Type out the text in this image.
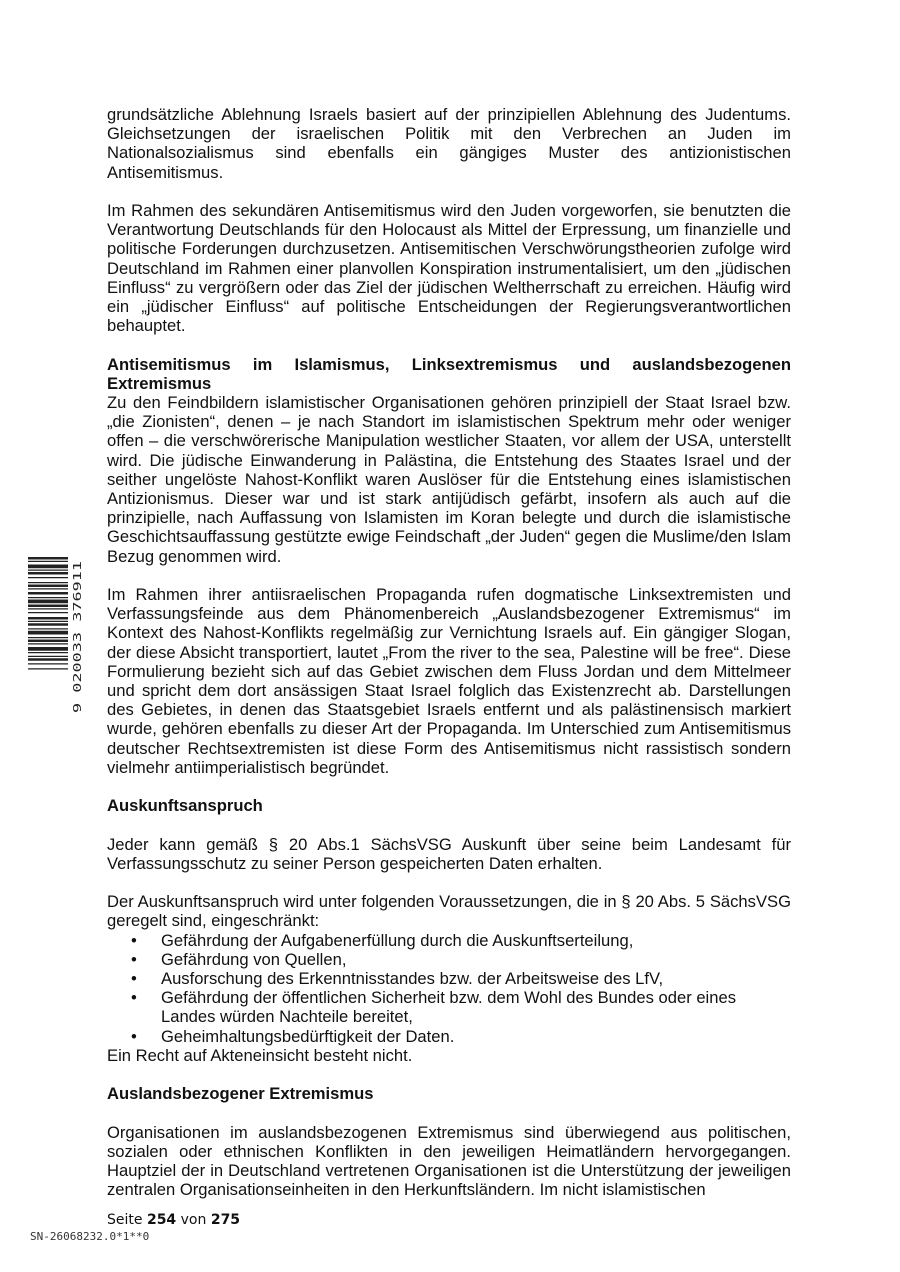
grundsätzliche Ablehnung Israels basiert auf der prinzipiellen Ablehnung des Judentums. Gleichsetzungen der israelischen Politik mit den Verbrechen an Juden im Nationalsozialismus sind ebenfalls ein gängiges Muster des antizionistischen Antisemitismus.

Im Rahmen des sekundären Antisemitismus wird den Juden vorgeworfen, sie benutzten die Verantwortung Deutschlands für den Holocaust als Mittel der Erpressung, um finanzielle und politische Forderungen durchzusetzen. Antisemitischen Verschwörungstheorien zufolge wird Deutschland im Rahmen einer planvollen Konspiration instrumentalisiert, um den „jüdischen Einfluss“ zu vergrößern oder das Ziel der jüdischen Weltherrschaft zu erreichen. Häufig wird ein „jüdischer Einfluss“ auf politische Entscheidungen der Regierungsverantwortlichen behauptet.

Antisemitismus im Islamismus, Linksextremismus und auslandsbezogenen Extremismus

Zu den Feindbildern islamistischer Organisationen gehören prinzipiell der Staat Israel bzw. „die Zionisten“, denen – je nach Standort im islamistischen Spektrum mehr oder weniger offen – die verschwörerische Manipulation westlicher Staaten, vor allem der USA, unterstellt wird. Die jüdische Einwanderung in Palästina, die Entstehung des Staates Israel und der seither ungelöste Nahost-Konflikt waren Auslöser für die Entstehung eines islamistischen Antizionismus. Dieser war und ist stark antijüdisch gefärbt, insofern als auch auf die prinzipielle, nach Auffassung von Islamisten im Koran belegte und durch die islamistische Geschichtsauffassung gestützte ewige Feindschaft „der Juden“ gegen die Muslime/den Islam Bezug genommen wird.

Im Rahmen ihrer antiisraelischen Propaganda rufen dogmatische Linksextremisten und Verfassungsfeinde aus dem Phänomenbereich „Auslandsbezogener Extremismus“ im Kontext des Nahost-Konflikts regelmäßig zur Vernichtung Israels auf. Ein gängiger Slogan, der diese Absicht transportiert, lautet „From the river to the sea, Palestine will be free“. Diese Formulierung bezieht sich auf das Gebiet zwischen dem Fluss Jordan und dem Mittelmeer und spricht dem dort ansässigen Staat Israel folglich das Existenzrecht ab. Darstellungen des Gebietes, in denen das Staatsgebiet Israels entfernt und als palästinensisch markiert wurde, gehören ebenfalls zu dieser Art der Propaganda. Im Unterschied zum Antisemitismus deutscher Rechtsextremisten ist diese Form des Antisemitismus nicht rassistisch sondern vielmehr antiimperialistisch begründet.

Auskunftsanspruch

Jeder kann gemäß § 20 Abs.1 SächsVSG Auskunft über seine beim Landesamt für Verfassungsschutz zu seiner Person gespeicherten Daten erhalten.

Der Auskunftsanspruch wird unter folgenden Voraussetzungen, die in § 20 Abs. 5 SächsVSG geregelt sind, eingeschränkt:

• Gefährdung der Aufgabenerfüllung durch die Auskunftserteilung,
• Gefährdung von Quellen,
• Ausforschung des Erkenntnisstandes bzw. der Arbeitsweise des LfV,
• Gefährdung der öffentlichen Sicherheit bzw. dem Wohl des Bundes oder eines Landes würden Nachteile bereitet,
• Geheimhaltungsbedürftigkeit der Daten.

Ein Recht auf Akteneinsicht besteht nicht.

Auslandsbezogener Extremismus

Organisationen im auslandsbezogenen Extremismus sind überwiegend aus politischen, sozialen oder ethnischen Konflikten in den jeweiligen Heimatländern hervorgegangen. Hauptziel der in Deutschland vertretenen Organisationen ist die Unterstützung der jeweiligen zentralen Organisationseinheiten in den Herkunftsländern. Im nicht islamistischen

9 020033 376911
Seite 254 von 275
SN-26068232.0*1**0
